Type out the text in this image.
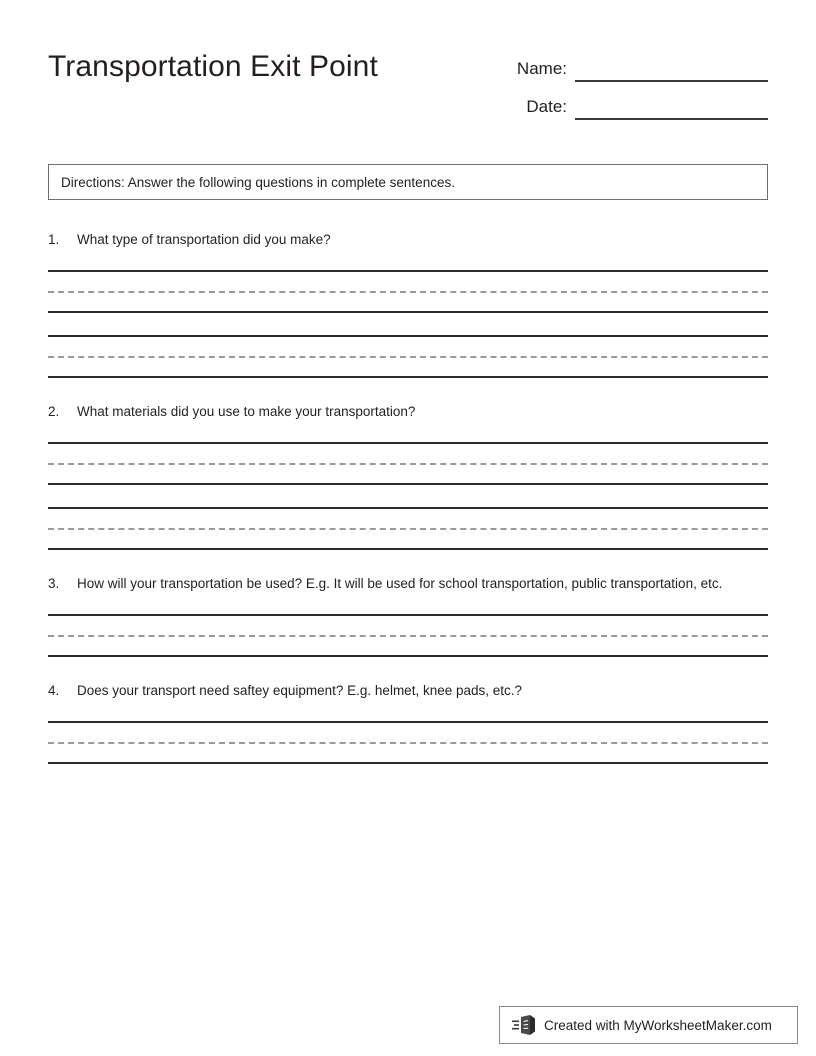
Transportation Exit Point	Name:
Date:
Directions: Answer the following questions in complete sentences.
1.	What type of transportation did you make?
2.	What materials did you use to make your transportation?
3.	How will your transportation be used? E.g. It will be used for school transportation, public transportation, etc.
4.	Does your transport need saftey equipment? E.g. helmet, knee pads, etc.?
Created with MyWorksheetMaker.com
